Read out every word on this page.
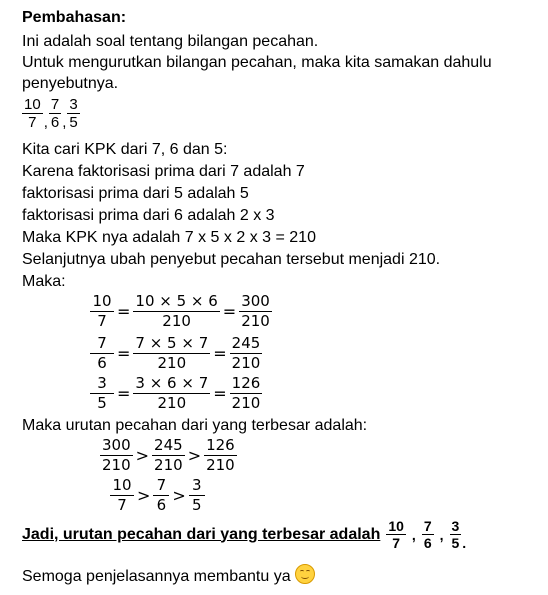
Pembahasan:
Ini adalah soal tentang bilangan pecahan.
Untuk mengurutkan bilangan pecahan, maka kita samakan dahulu
penyebutnya.
$\frac{10}{7}$ , $\frac{7}{6}$ , $\frac{3}{5}$
Kita cari KPK dari 7, 6 dan 5:
Karena faktorisasi prima dari 7 adalah 7
faktorisasi prima dari 5 adalah 5
faktorisasi prima dari 6 adalah 2 x 3
Maka KPK nya adalah 7 x 5 x 2 x 3 = 210
Selanjutnya ubah penyebut pecahan tersebut menjadi 210.
Maka:
$\frac{10}{7} = \frac{10 \times 5 \times 6}{210} = \frac{300}{210}$
$\frac{7}{6} = \frac{7 \times 5 \times 7}{210} = \frac{245}{210}$
$\frac{3}{5} = \frac{3 \times 6 \times 7}{210} = \frac{126}{210}$
Maka urutan pecahan dari yang terbesar adalah:
$\frac{300}{210} > \frac{245}{210} > \frac{126}{210}$
$\frac{10}{7} > \frac{7}{6} > \frac{3}{5}$
Jadi, urutan pecahan dari yang terbesar adalah $\frac{10}{7}$ , $\frac{7}{6}$ , $\frac{3}{5}$ .
Semoga penjelasannya membantu ya
